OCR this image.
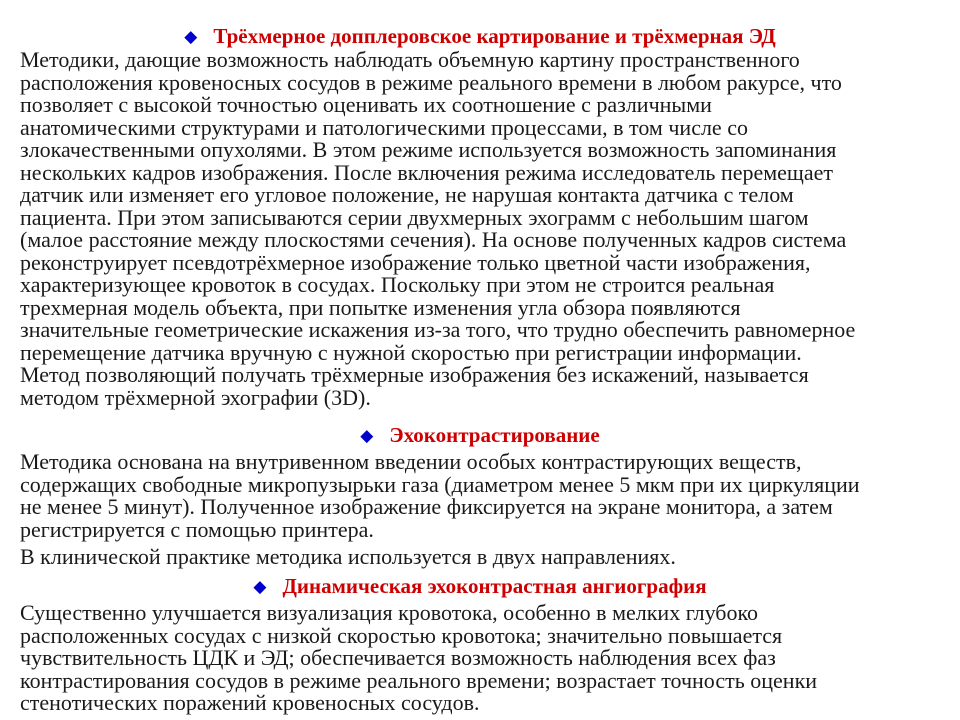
◆ Трёхмерное допплеровское картирование и трёхмерная ЭД
Методики, дающие возможность наблюдать объемную картину пространственного
расположения кровеносных сосудов в режиме реального времени в любом ракурсе, что
позволяет с высокой точностью оценивать их соотношение с различными
анатомическими структурами и патологическими процессами, в том числе со
злокачественными опухолями. В этом режиме используется возможность запоминания
нескольких кадров изображения. После включения режима исследователь перемещает
датчик или изменяет его угловое положение, не нарушая контакта датчика с телом
пациента. При этом записываются серии двухмерных эхограмм с небольшим шагом
(малое расстояние между плоскостями сечения). На основе полученных кадров система
реконструирует псевдотрёхмерное изображение только цветной части изображения,
характеризующее кровоток в сосудах. Поскольку при этом не строится реальная
трехмерная модель объекта, при попытке изменения угла обзора появляются
значительные геометрические искажения из-за того, что трудно обеспечить равномерное
перемещение датчика вручную с нужной скоростью при регистрации информации.
Метод позволяющий получать трёхмерные изображения без искажений, называется
методом трёхмерной эхографии (3D).
◆ Эхоконтрастирование
Методика основана на внутривенном введении особых контрастирующих веществ,
содержащих свободные микропузырьки газа (диаметром менее 5 мкм при их циркуляции
не менее 5 минут). Полученное изображение фиксируется на экране монитора, а затем
регистрируется с помощью принтера.
В клинической практике методика используется в двух направлениях.
◆ Динамическая эхоконтрастная ангиография
Существенно улучшается визуализация кровотока, особенно в мелких глубоко
расположенных сосудах с низкой скоростью кровотока; значительно повышается
чувствительность ЦДК и ЭД; обеспечивается возможность наблюдения всех фаз
контрастирования сосудов в режиме реального времени; возрастает точность оценки
стенотических поражений кровеносных сосудов.
